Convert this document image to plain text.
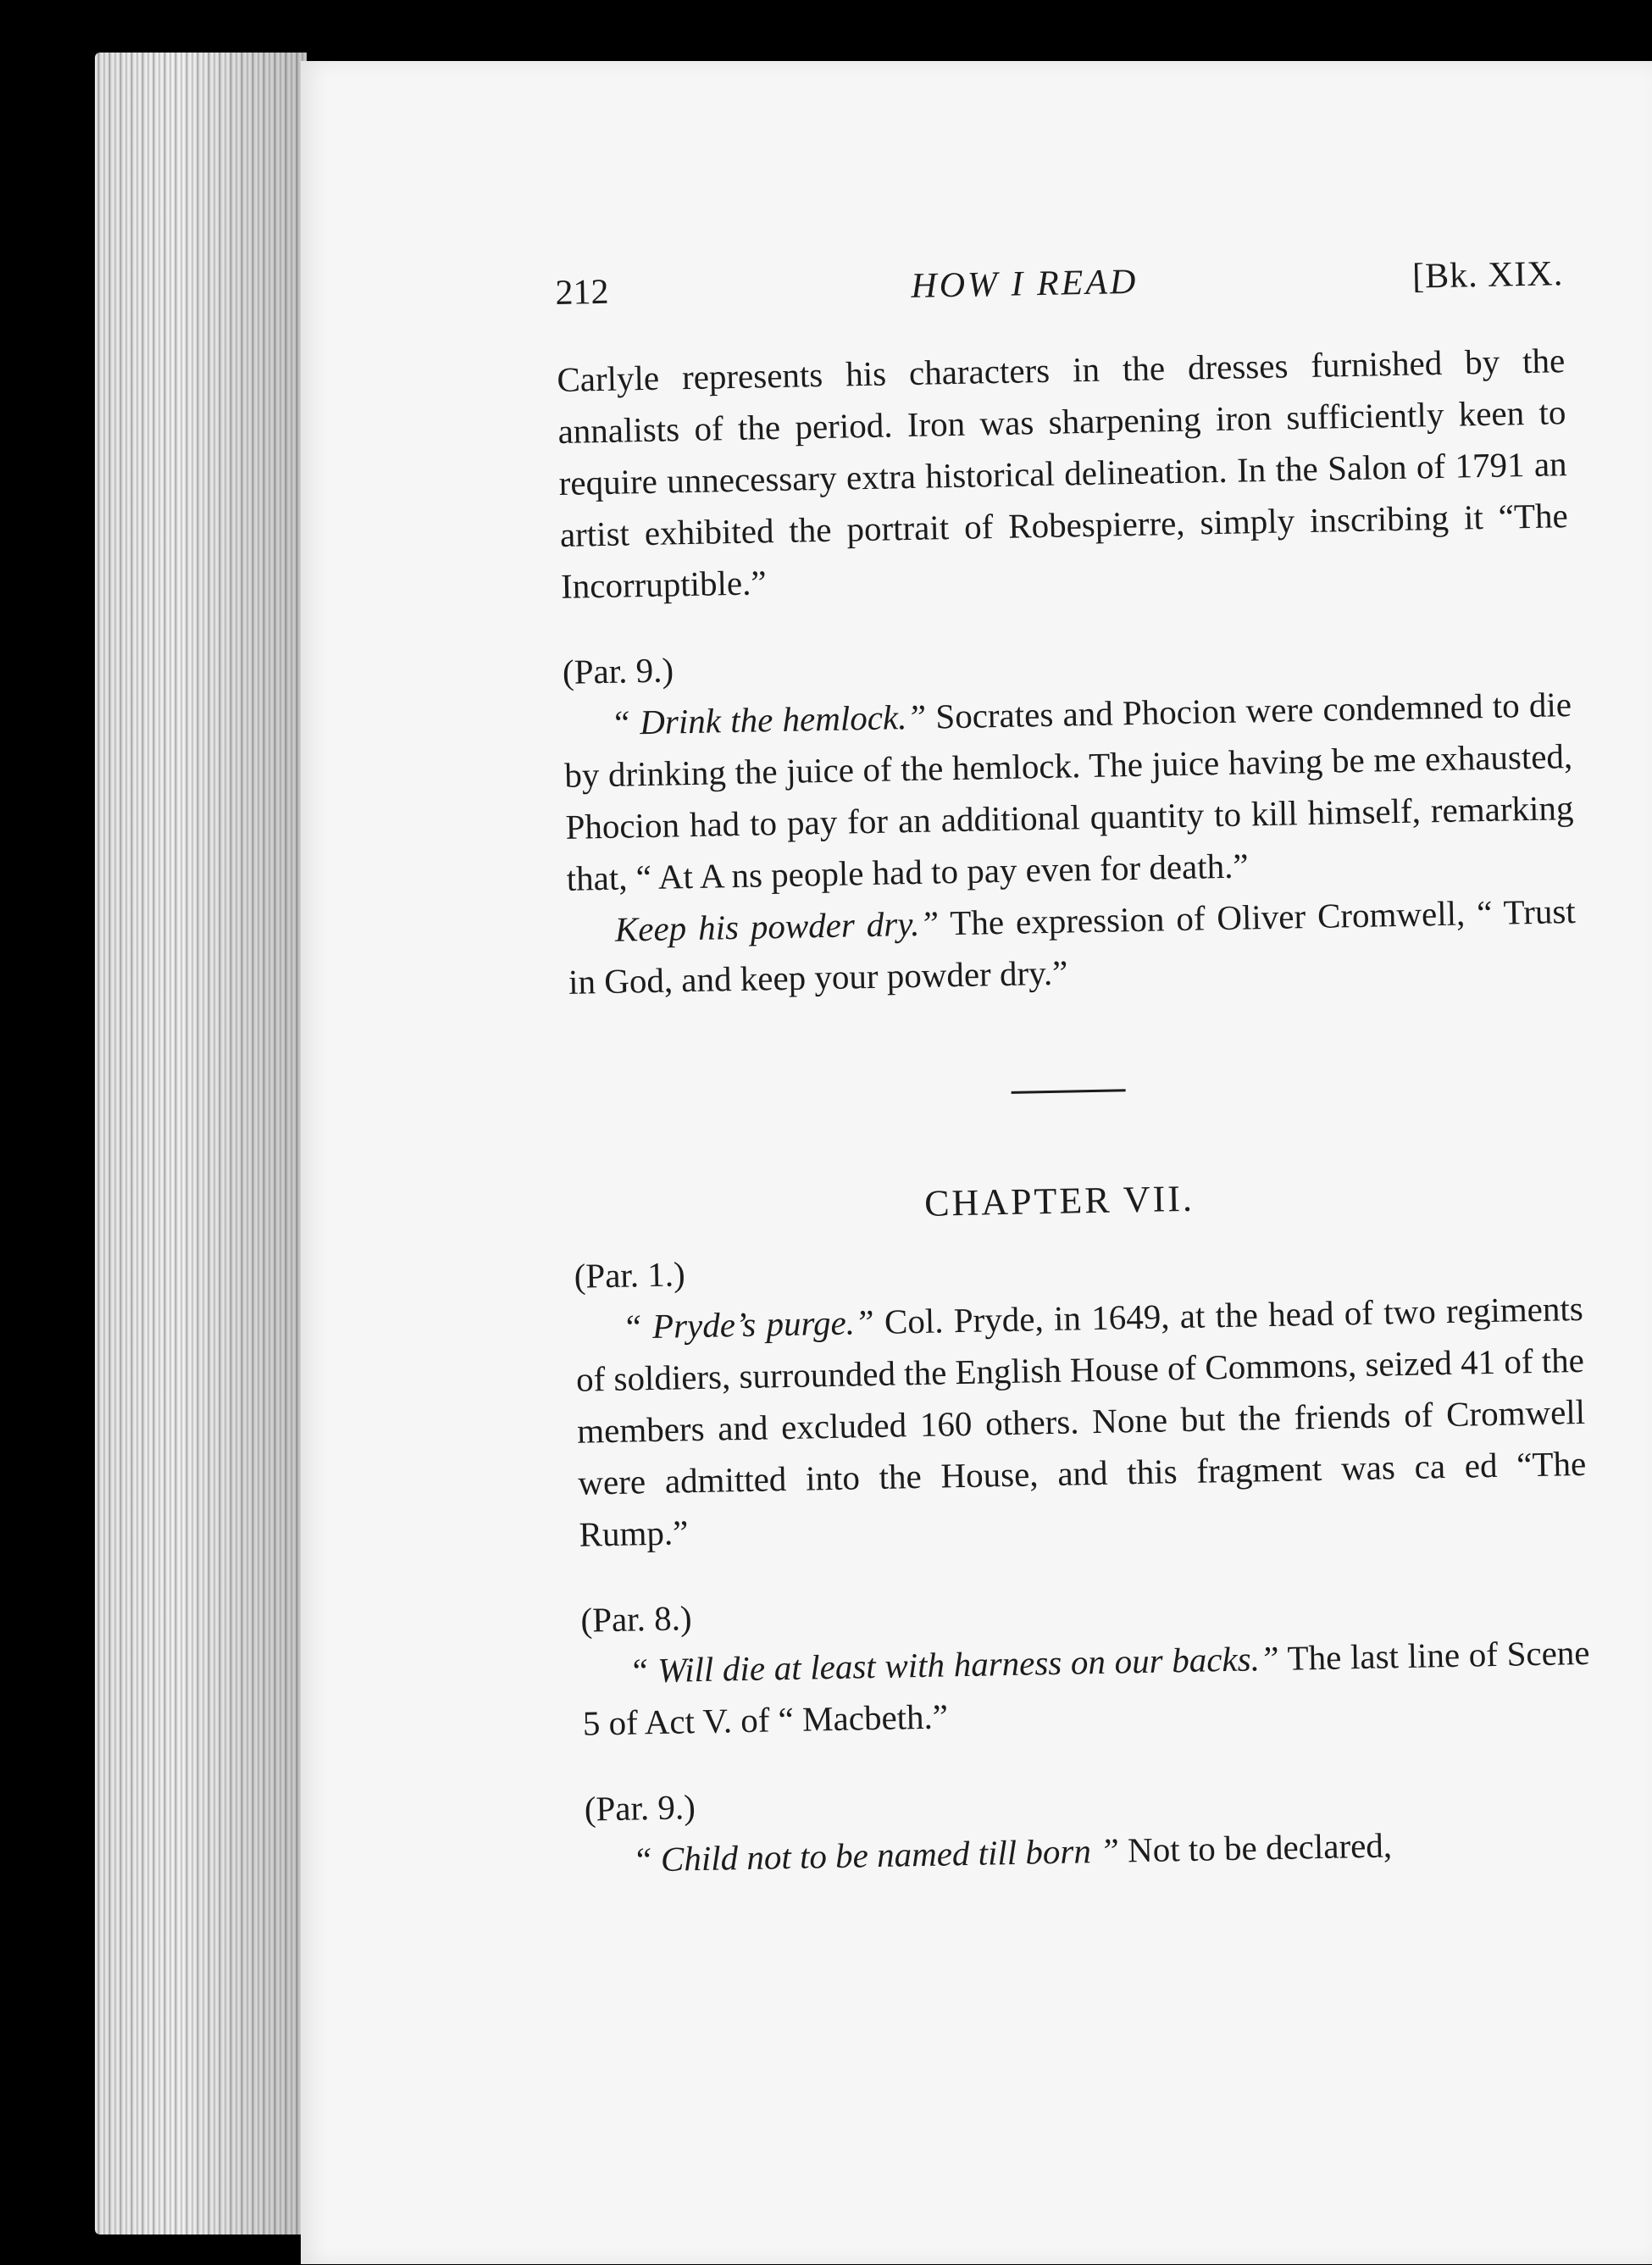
212	HOW I READ	[Bk. XIX.

Carlyle represents his characters in the dresses furnished by the annalists of the period. Iron was sharpening iron sufficiently keen to require unnecessary extra historical delineation. In the Salon of 1791 an artist exhibited the portrait of Robespierre, simply inscribing it “The Incorruptible.”

(Par. 9.)

“ Drink the hemlock.” Socrates and Phocion were condemned to die by drinking the juice of the hemlock. The juice having be me exhausted, Phocion had to pay for an additional quantity to kill himself, remarking that, “ At A ns people had to pay even for death.”

Keep his powder dry.” The expression of Oliver Cromwell, “ Trust in God, and keep your powder dry.”

CHAPTER VII.

(Par. 1.)

“ Pryde’s purge.” Col. Pryde, in 1649, at the head of two regiments of soldiers, surrounded the English House of Commons, seized 41 of the members and excluded 160 others. None but the friends of Cromwell were admitted into the House, and this fragment was ca ed “The Rump.”

(Par. 8.)

“ Will die at least with harness on our backs.” The last line of Scene 5 of Act V. of “ Macbeth.”

(Par. 9.)

“ Child not to be named till born ” Not to be declared,
